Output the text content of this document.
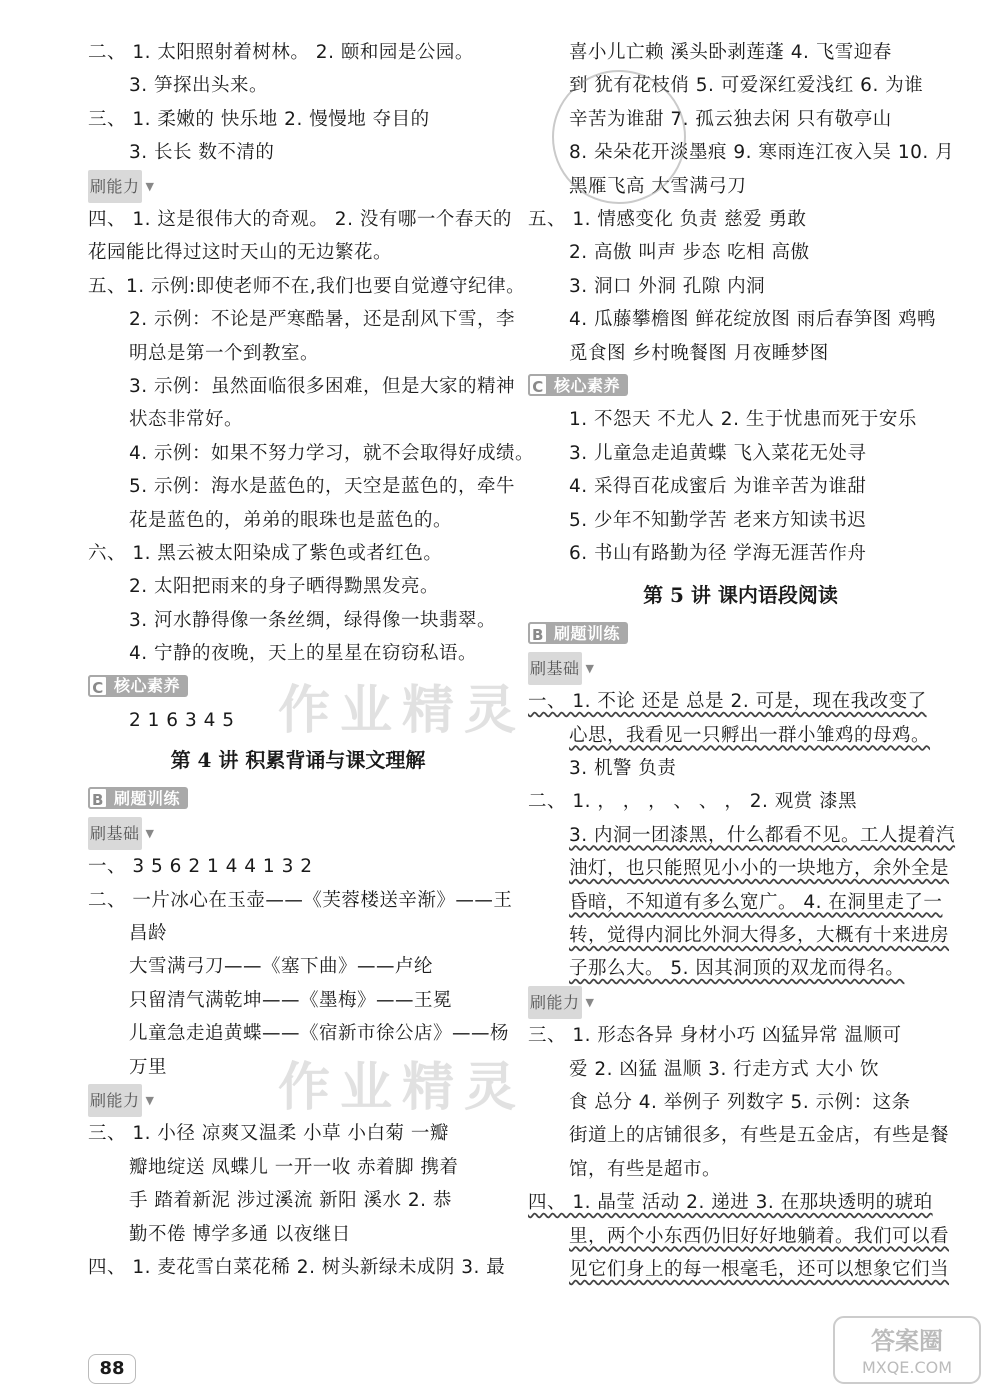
二、 1. 太阳照射着树林。 2. 颐和园是公园。
3. 笋探出头来。
三、 1. 柔嫩的 快乐地 2. 慢慢地 夺目的
3. 长长 数不清的
刷能力 ▼
四、 1. 这是很伟大的奇观。 2. 没有哪一个春天的
花园能比得过这时天山的无边繁花。
五、1. 示例:即使老师不在,我们也要自觉遵守纪律。
2. 示例：不论是严寒酷暑，还是刮风下雪，李
明总是第一个到教室。
3. 示例：虽然面临很多困难，但是大家的精神
状态非常好。
4. 示例：如果不努力学习，就不会取得好成绩。
5. 示例：海水是蓝色的，天空是蓝色的，牵牛
花是蓝色的，弟弟的眼珠也是蓝色的。
六、 1. 黑云被太阳染成了紫色或者红色。
2. 太阳把雨来的身子晒得黝黑发亮。
3. 河水静得像一条丝绸，绿得像一块翡翠。
4. 宁静的夜晚，天上的星星在窃窃私语。
C 核心素养
2 1 6 3 4 5
第 4 讲 积累背诵与课文理解
B 刷题训练
刷基础 ▼
一、 3 5 6 2 1 4 4 1 3 2
二、 一片冰心在玉壶——《芙蓉楼送辛渐》——王
昌龄
大雪满弓刀——《塞下曲》——卢纶
只留清气满乾坤——《墨梅》——王冕
儿童急走追黄蝶——《宿新市徐公店》——杨
万里
刷能力 ▼
三、 1. 小径 凉爽又温柔 小草 小白菊 一瓣
瓣地绽送 凤蝶儿 一开一收 赤着脚 携着
手 踏着新泥 涉过溪流 新阳 溪水 2. 恭
勤不倦 博学多通 以夜继日
四、 1. 麦花雪白菜花稀 2. 树头新绿未成阴 3. 最
喜小儿亡赖 溪头卧剥莲蓬 4. 飞雪迎春
到 犹有花枝俏 5. 可爱深红爱浅红 6. 为谁
辛苦为谁甜 7. 孤云独去闲 只有敬亭山
8. 朵朵花开淡墨痕 9. 寒雨连江夜入吴 10. 月
黑雁飞高 大雪满弓刀
五、 1. 情感变化 负责 慈爱 勇敢
2. 高傲 叫声 步态 吃相 高傲
3. 洞口 外洞 孔隙 内洞
4. 瓜藤攀檐图 鲜花绽放图 雨后春笋图 鸡鸭
觅食图 乡村晚餐图 月夜睡梦图
C 核心素养
1. 不怨天 不尤人 2. 生于忧患而死于安乐
3. 儿童急走追黄蝶 飞入菜花无处寻
4. 采得百花成蜜后 为谁辛苦为谁甜
5. 少年不知勤学苦 老来方知读书迟
6. 书山有路勤为径 学海无涯苦作舟
第 5 讲 课内语段阅读
B 刷题训练
刷基础 ▼
一、 1. 不论 还是 总是 2. 可是，现在我改变了
心思，我看见一只孵出一群小雏鸡的母鸡。
3. 机警 负责
二、 1. ， ， ， 、 、 ， 2. 观赏 漆黑
3. 内洞一团漆黑，什么都看不见。工人提着汽
油灯，也只能照见小小的一块地方，余外全是
昏暗，不知道有多么宽广。 4. 在洞里走了一
转，觉得内洞比外洞大得多，大概有十来进房
子那么大。 5. 因其洞顶的双龙而得名。
刷能力 ▼
三、 1. 形态各异 身材小巧 凶猛异常 温顺可
爱 2. 凶猛 温顺 3. 行走方式 大小 饮
食 总分 4. 举例子 列数字 5. 示例：这条
街道上的店铺很多，有些是五金店，有些是餐
馆，有些是超市。
四、 1. 晶莹 活动 2. 递进 3. 在那块透明的琥珀
里，两个小东西仍旧好好地躺着。我们可以看
见它们身上的每一根毫毛，还可以想象它们当
作业精灵
作业精灵
88
答案圈
MXQE.COM
